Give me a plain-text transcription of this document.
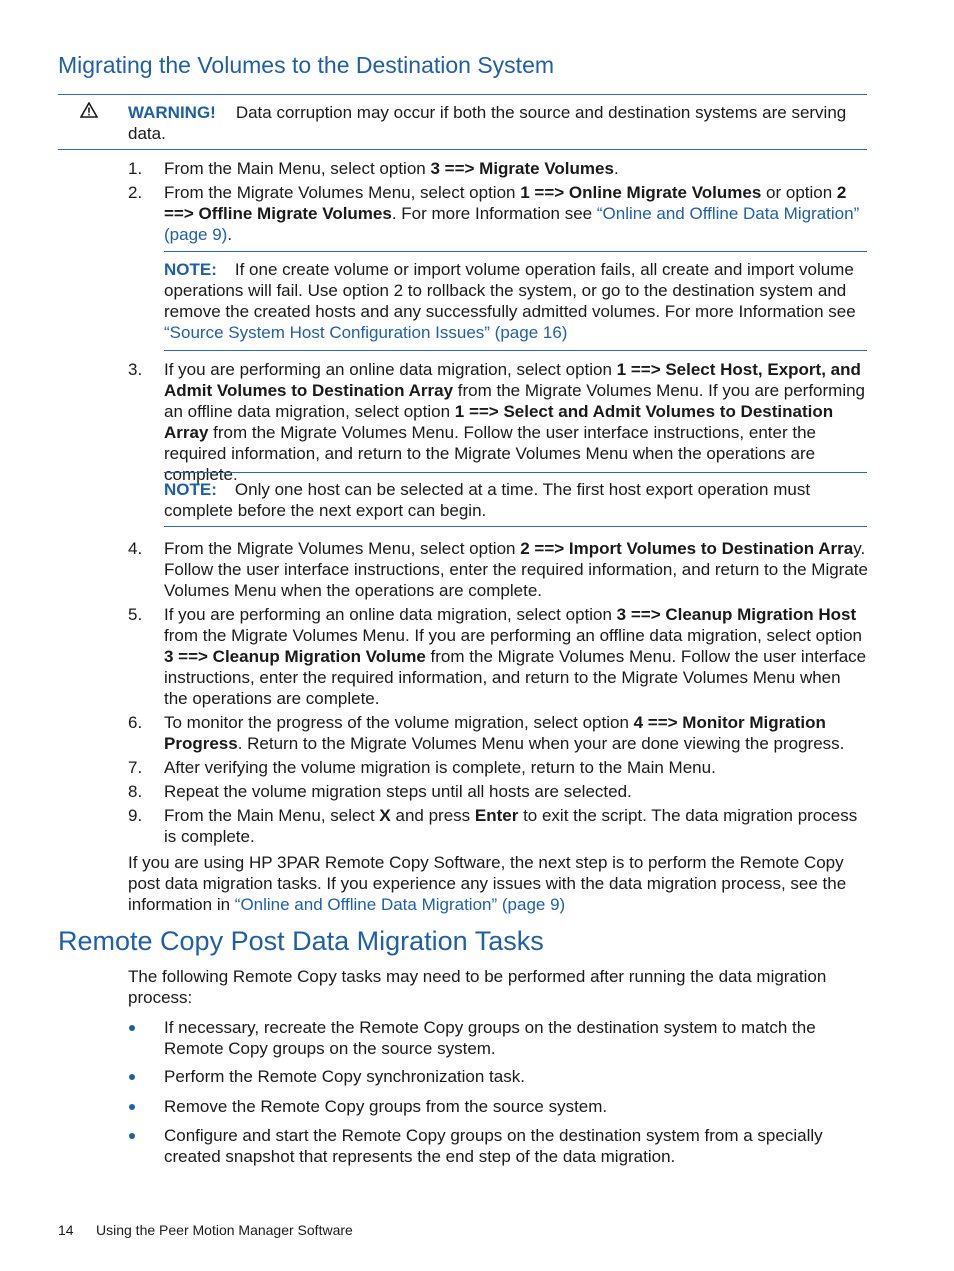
Migrating the Volumes to the Destination System
WARNING! Data corruption may occur if both the source and destination systems are serving data.
1. From the Main Menu, select option 3 ==> Migrate Volumes.
2. From the Migrate Volumes Menu, select option 1 ==> Online Migrate Volumes or option 2 ==> Offline Migrate Volumes. For more Information see “Online and Offline Data Migration” (page 9).
NOTE: If one create volume or import volume operation fails, all create and import volume operations will fail. Use option 2 to rollback the system, or go to the destination system and remove the created hosts and any successfully admitted volumes. For more Information see “Source System Host Configuration Issues” (page 16)
3. If you are performing an online data migration, select option 1 ==> Select Host, Export, and Admit Volumes to Destination Array from the Migrate Volumes Menu. If you are performing an offline data migration, select option 1 ==> Select and Admit Volumes to Destination Array from the Migrate Volumes Menu. Follow the user interface instructions, enter the required information, and return to the Migrate Volumes Menu when the operations are complete.
NOTE: Only one host can be selected at a time. The first host export operation must complete before the next export can begin.
4. From the Migrate Volumes Menu, select option 2 ==> Import Volumes to Destination Array. Follow the user interface instructions, enter the required information, and return to the Migrate Volumes Menu when the operations are complete.
5. If you are performing an online data migration, select option 3 ==> Cleanup Migration Host from the Migrate Volumes Menu. If you are performing an offline data migration, select option 3 ==> Cleanup Migration Volume from the Migrate Volumes Menu. Follow the user interface instructions, enter the required information, and return to the Migrate Volumes Menu when the operations are complete.
6. To monitor the progress of the volume migration, select option 4 ==> Monitor Migration Progress. Return to the Migrate Volumes Menu when your are done viewing the progress.
7. After verifying the volume migration is complete, return to the Main Menu.
8. Repeat the volume migration steps until all hosts are selected.
9. From the Main Menu, select X and press Enter to exit the script. The data migration process is complete.

If you are using HP 3PAR Remote Copy Software, the next step is to perform the Remote Copy post data migration tasks. If you experience any issues with the data migration process, see the information in “Online and Offline Data Migration” (page 9)

Remote Copy Post Data Migration Tasks

The following Remote Copy tasks may need to be performed after running the data migration process:

If necessary, recreate the Remote Copy groups on the destination system to match the Remote Copy groups on the source system.
Perform the Remote Copy synchronization task.
Remove the Remote Copy groups from the source system.
Configure and start the Remote Copy groups on the destination system from a specially created snapshot that represents the end step of the data migration.
14 Using the Peer Motion Manager Software
